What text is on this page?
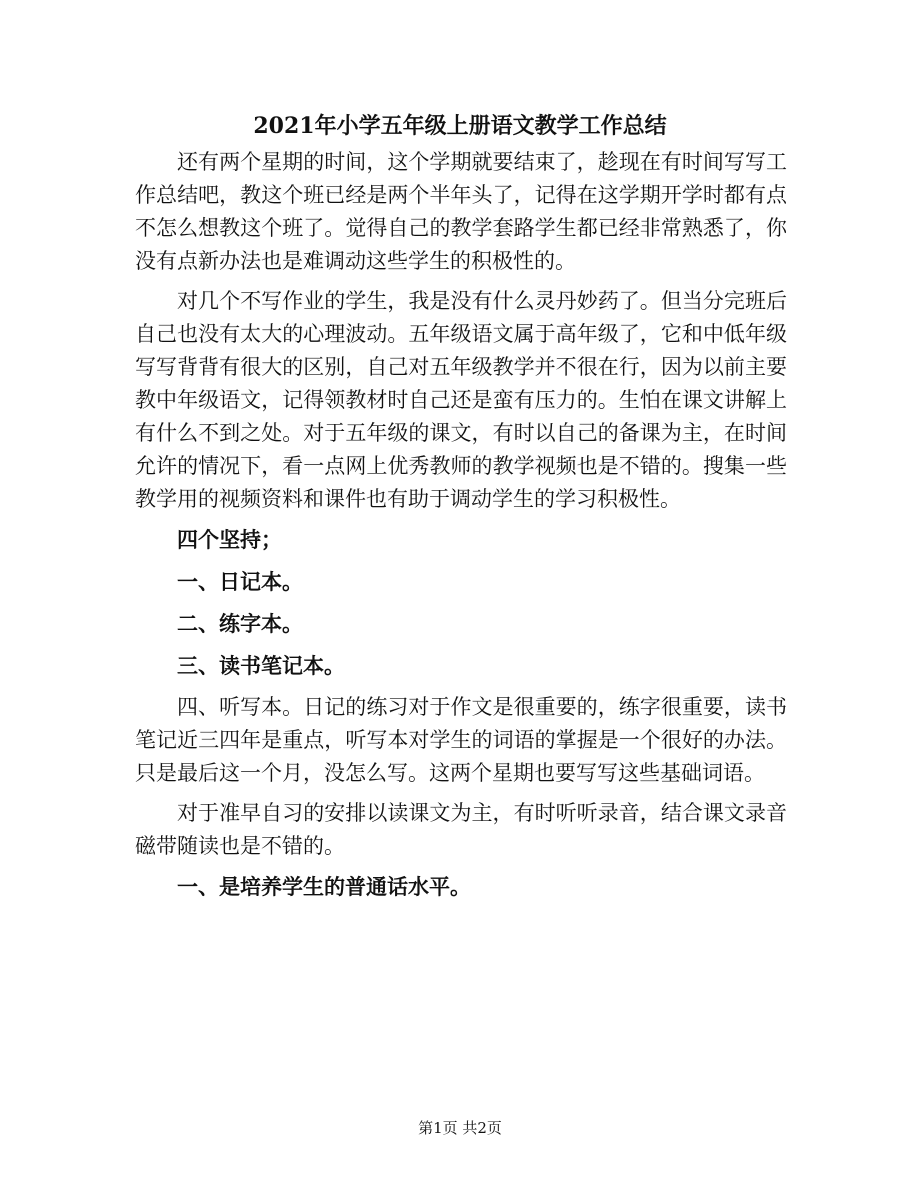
2021年小学五年级上册语文教学工作总结

还有两个星期的时间，这个学期就要结束了，趁现在有时间写写工作总结吧，教这个班已经是两个半年头了，记得在这学期开学时都有点不怎么想教这个班了。觉得自己的教学套路学生都已经非常熟悉了，你没有点新办法也是难调动这些学生的积极性的。

对几个不写作业的学生，我是没有什么灵丹妙药了。但当分完班后自己也没有太大的心理波动。五年级语文属于高年级了，它和中低年级写写背背有很大的区别，自己对五年级教学并不很在行，因为以前主要教中年级语文，记得领教材时自己还是蛮有压力的。生怕在课文讲解上有什么不到之处。对于五年级的课文，有时以自己的备课为主，在时间允许的情况下，看一点网上优秀教师的教学视频也是不错的。搜集一些教学用的视频资料和课件也有助于调动学生的学习积极性。

四个坚持；

一、日记本。

二、练字本。

三、读书笔记本。

四、听写本。日记的练习对于作文是很重要的，练字很重要，读书笔记近三四年是重点，听写本对学生的词语的掌握是一个很好的办法。只是最后这一个月，没怎么写。这两个星期也要写写这些基础词语。

对于准早自习的安排以读课文为主，有时听听录音，结合课文录音磁带随读也是不错的。

一、是培养学生的普通话水平。

第1页 共2页
